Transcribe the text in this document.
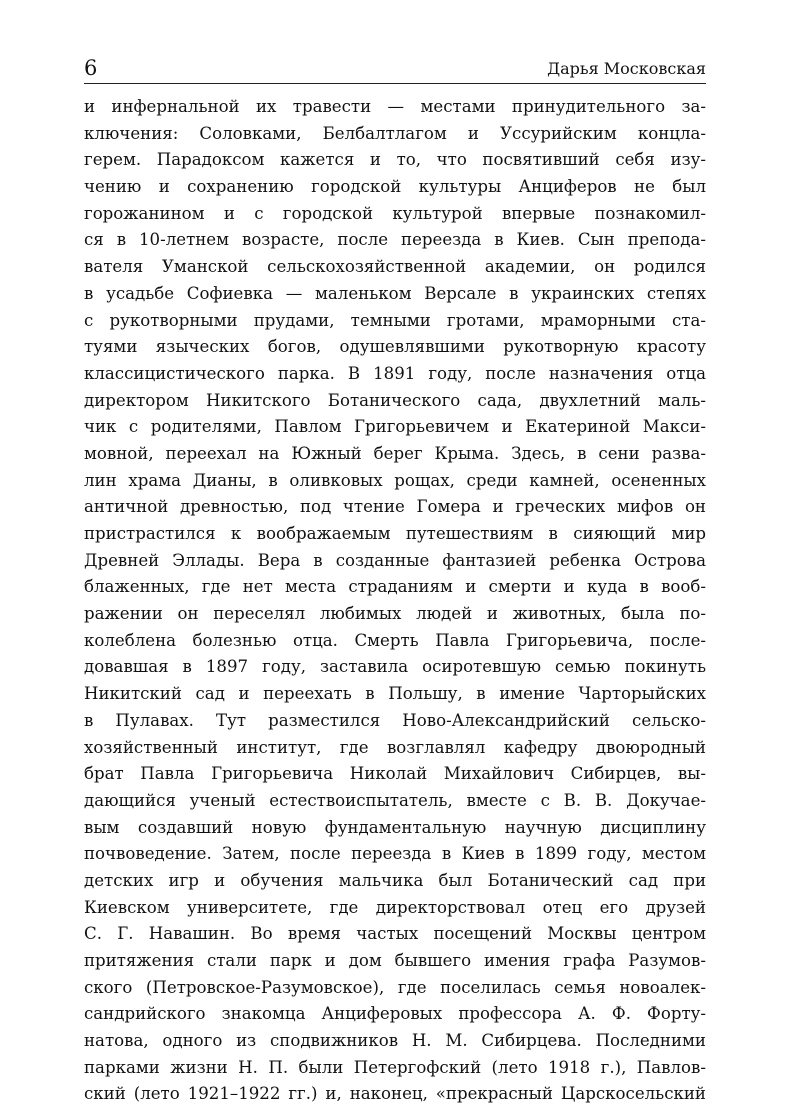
6	Дарья Московская
и инфернальной их травести — местами принудительного за-
ключения: Соловками, Белбалтлагом и Уссурийским концла-
герем. Парадоксом кажется и то, что посвятивший себя изу-
чению и сохранению городской культуры Анциферов не был
горожанином и с городской культурой впервые познакомил-
ся в 10-летнем возрасте, после переезда в Киев. Сын препода-
вателя Уманской сельскохозяйственной академии, он родился
в усадьбе Софиевка — маленьком Версале в украинских степях
с рукотворными прудами, темными гротами, мраморными ста-
туями языческих богов, одушевлявшими рукотворную красоту
классицистического парка. В 1891 году, после назначения отца
директором Никитского Ботанического сада, двухлетний маль-
чик с родителями, Павлом Григорьевичем и Екатериной Макси-
мовной, переехал на Южный берег Крыма. Здесь, в сени развa-
лин храма Дианы, в оливковых рощах, среди камней, осененных
античной древностью, под чтение Гомера и греческих мифов он
пристрастился к воображаемым путешествиям в сияющий мир
Древней Эллады. Вера в созданные фантазией ребенка Острова
блаженных, где нет места страданиям и смерти и куда в вооб-
ражении он переселял любимых людей и животных, была по-
колеблена болезнью отца. Смерть Павла Григорьевича, после-
довавшая в 1897 году, заставила осиротевшую семью покинуть
Никитский сад и переехать в Польшу, в имение Чарторыйских
в Пулавах. Тут разместился Ново-Александрийский сельско-
хозяйственный институт, где возглавлял кафедру двоюродный
брат Павла Григорьевича Николай Михайлович Сибирцев, вы-
дающийся ученый естествоиспытатель, вместе с В. В. Докучае-
вым создавший новую фундаментальную научную дисциплину
почвоведение. Затем, после переезда в Киев в 1899 году, местом
детских игр и обучения мальчика был Ботанический сад при
Киевском университете, где директорствовал отец его друзей
С. Г. Навашин. Во время частых посещений Москвы центром
притяжения стали парк и дом бывшего имения графа Разумов-
ского (Петровское-Разумовское), где поселилась семья новоалек-
сандрийского знакомца Анциферовых профессора А. Ф. Форту-
натова, одного из сподвижников Н. М. Сибирцева. Последними
парками жизни Н. П. были Петергофский (лето 1918 г.), Павлов-
ский (лето 1921–1922 гг.) и, наконец, «прекрасный Царскосельский
